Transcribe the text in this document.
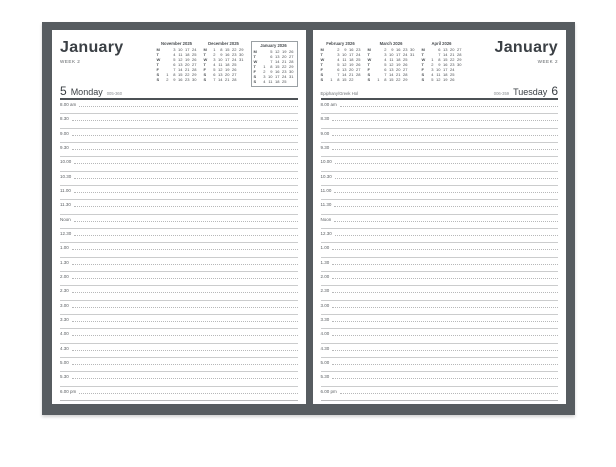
January
WEEK 2
November 2025
M	3 10 17 24
T	4 11 18 25
W	5 12 19 26
T	6 13 20 27
F	7 14 21 28
S	1	8 15 22 29
S	2	9 16 23 30
December 2025
M	1	8 15 22 29
T	2	9 16 23 30
W	3 10 17 24 31
T	4 11 18 25
F	5 12 19 26
S	6 13 20 27
S	7 14 21 28
January 2026
M	5 12 19 26
T	6 13 20 27
W	7 14 21 28
T	1	8 15 22 29
F	2	9 16 23 30
S	3 10 17 24 31
S	4 11 18 25
5 Monday 005-360
8.00 am
8.30
9.00
9.30
10.00
10.30
11.00
11.30
Noon
12.30
1.00
1.30
2.00
2.30
3.00
3.30
4.00
4.30
5.00
5.30
6.00 pm
February 2026
M	2	9 16 23
T	3 10 17 24
W	4 11 18 25
T	5 12 19 26
F	6 13 20 27
S	7 14 21 28
S	1	8 15 22
March 2026
M	2	9 16 23 30
T	3 10 17 24 31
W	4 11 18 25
T	5 12 19 26
F	6 13 20 27
S	7 14 21 28
S	1	8 15 22 29
April 2026
M	6 13 20 27
T	7 14 21 28
W	1	8 15 22 29
T	2	9 16 23 30
F	3 10 17 24
S	4 11 18 25
S	5 12 19 26
January
WEEK 2
Epiphany/Greek Hol	006-359 Tuesday 6
8.00 am
8.30
9.00
9.30
10.00
10.30
11.00
11.30
Noon
12.30
1.00
1.30
2.00
2.30
3.00
3.30
4.00
4.30
5.00
5.30
6.00 pm
